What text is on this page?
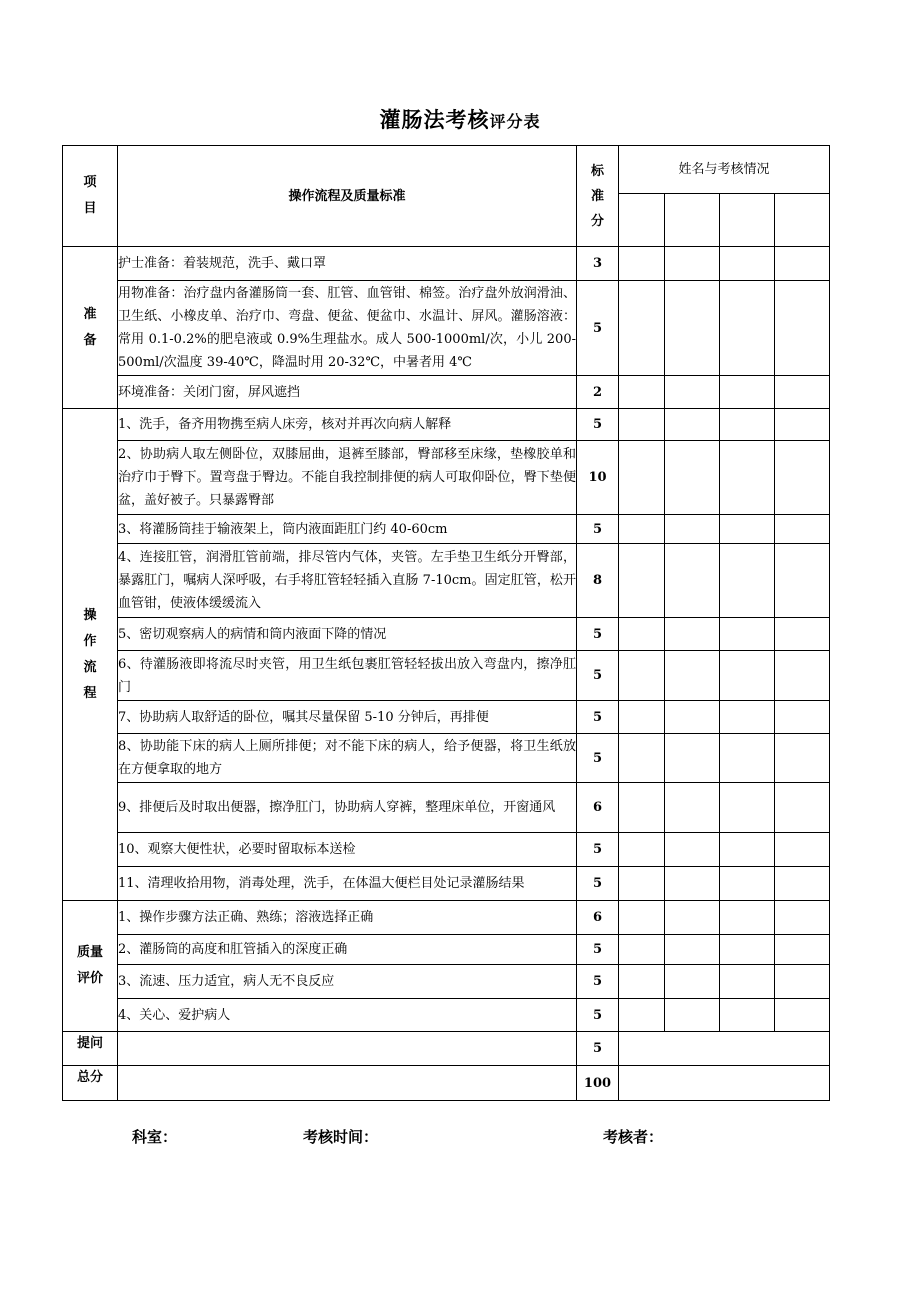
灌肠法考核评分表
项目	操作流程及质量标准	标准分	姓名与考核情况			

准备	护士准备：着装规范，洗手、戴口罩	3				
	用物准备：治疗盘内备灌肠筒一套、肛管、血管钳、棉签。治疗盘外放润滑油、卫生纸、小橡皮单、治疗巾、弯盘、便盆、便盆巾、水温计、屏风。灌肠溶液：常用 0.1-0.2%的肥皂液或 0.9%生理盐水。成人 500-1000ml/次，小儿 200-500ml/次温度 39-40℃，降温时用 20-32℃，中暑者用 4℃	5				
	环境准备：关闭门窗，屏风遮挡	2				

操作流程	1、洗手，备齐用物携至病人床旁，核对并再次向病人解释	5				
	2、协助病人取左侧卧位，双膝屈曲，退裤至膝部，臀部移至床缘，垫橡胶单和治疗巾于臀下。置弯盘于臀边。不能自我控制排便的病人可取仰卧位，臀下垫便盆，盖好被子。只暴露臀部	10				
	3、将灌肠筒挂于输液架上，筒内液面距肛门约 40-60cm	5				
	4、连接肛管，润滑肛管前端，排尽管内气体，夹管。左手垫卫生纸分开臀部，暴露肛门，嘱病人深呼吸，右手将肛管轻轻插入直肠 7-10cm。固定肛管，松开血管钳，使液体缓缓流入	8				
	5、密切观察病人的病情和筒内液面下降的情况	5				
	6、待灌肠液即将流尽时夹管，用卫生纸包裹肛管轻轻拔出放入弯盘内，擦净肛门	5				
	7、协助病人取舒适的卧位，嘱其尽量保留 5-10 分钟后，再排便	5				
	8、协助能下床的病人上厕所排便；对不能下床的病人，给予便器，将卫生纸放在方便拿取的地方	5				
	9、排便后及时取出便器，擦净肛门，协助病人穿裤，整理床单位，开窗通风	6				
	10、观察大便性状，必要时留取标本送检	5				
	11、清理收拾用物，消毒处理，洗手，在体温大便栏目处记录灌肠结果	5				

质量评价	1、操作步骤方法正确、熟练；溶液选择正确	6				
	2、灌肠筒的高度和肛管插入的深度正确	5				
	3、流速、压力适宜，病人无不良反应	5				
	4、关心、爱护病人	5				
提问		5				
总分		100				
科室：	考核时间：	考核者：
